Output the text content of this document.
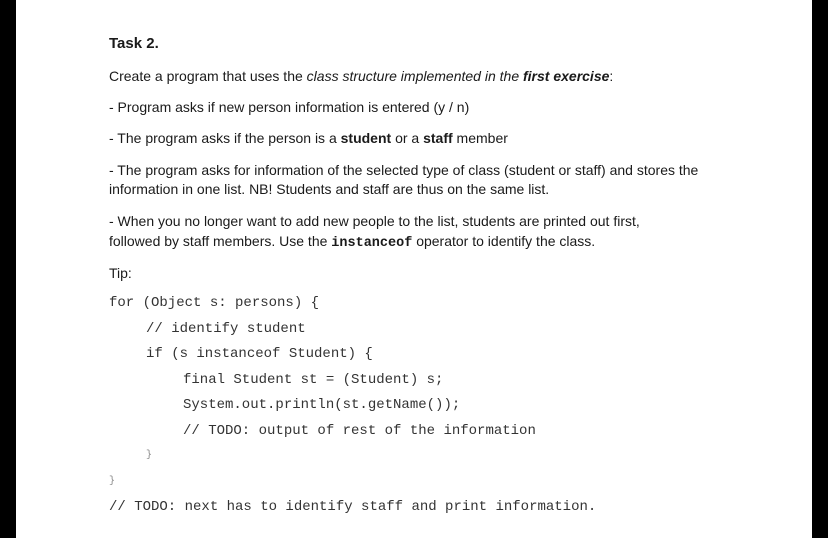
Task 2.
Create a program that uses the class structure implemented in the first exercise:
- Program asks if new person information is entered (y / n)
- The program asks if the person is a student or a staff member
- The program asks for information of the selected type of class (student or staff) and stores the
information in one list. NB! Students and staff are thus on the same list.
- When you no longer want to add new people to the list, students are printed out first,
followed by staff members. Use the instanceof operator to identify the class.
Tip:
for (Object s: persons) {
// identify student
if (s instanceof Student) {
final Student st = (Student) s;
System.out.println(st.getName());
// TODO: output of rest of the information
}
}
// TODO: next has to identify staff and print information.
